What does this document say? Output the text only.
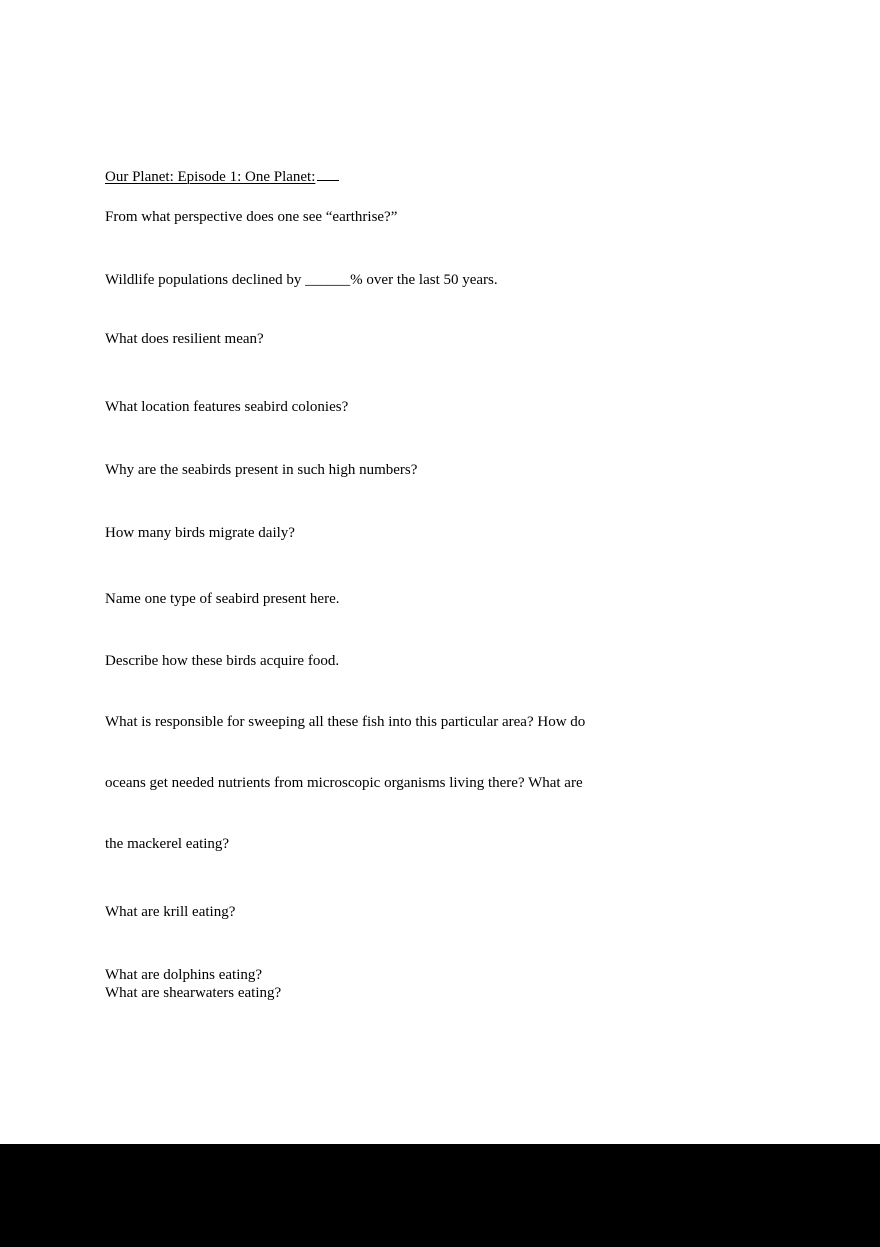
Our Planet: Episode 1: One Planet:
From what perspective does one see “earthrise?”
Wildlife populations declined by ______% over the last 50 years.
What does resilient mean?
What location features seabird colonies?
Why are the seabirds present in such high numbers?
How many birds migrate daily?
Name one type of seabird present here.
Describe how these birds acquire food.
What is responsible for sweeping all these fish into this particular area? How do
oceans get needed nutrients from microscopic organisms living there? What are
the mackerel eating?
What are krill eating?
What are dolphins eating?
What are shearwaters eating?
